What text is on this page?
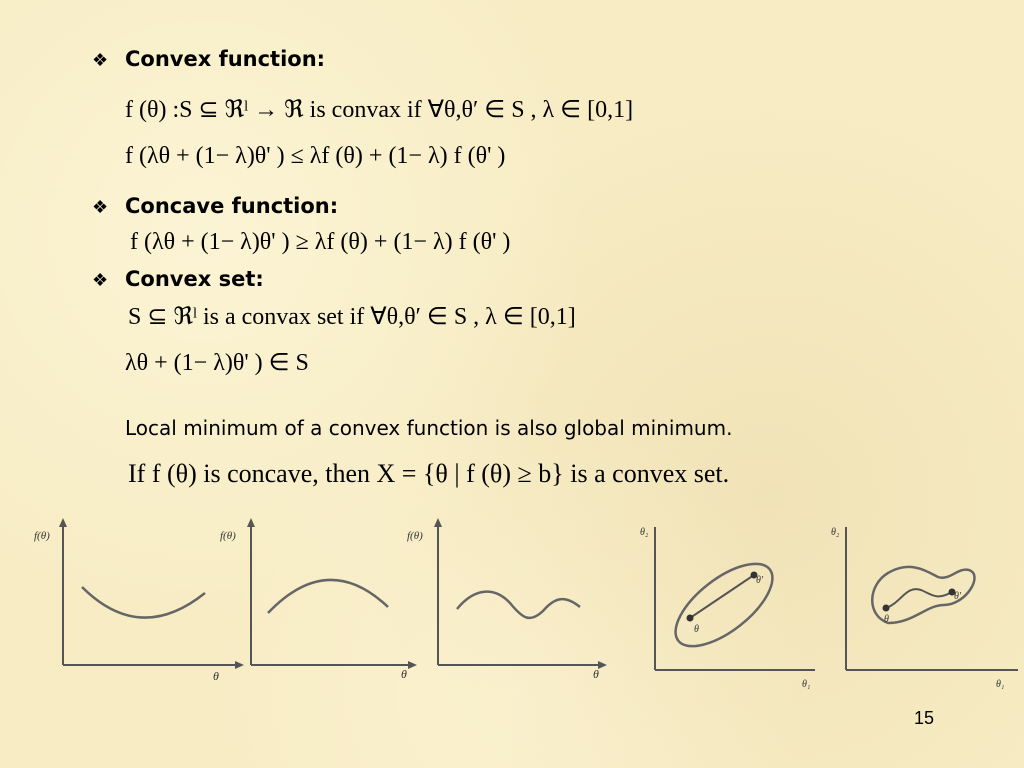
❖ Convex function:
f (θ) :S ⊆ ℜˡ → ℜ is convax if ∀θ,θ′ ∈ S , λ ∈ [0,1]
f (λθ + (1− λ)θ' ) ≤ λf (θ) + (1− λ) f (θ' )
❖ Concave function:
f (λθ + (1− λ)θ' ) ≥ λf (θ) + (1− λ) f (θ' )
❖ Convex set:
S ⊆ ℜˡ is a convax set if ∀θ,θ′ ∈ S , λ ∈ [0,1]
λθ + (1− λ)θ' ) ∈ S
Local minimum of a convex function is also global minimum.
If f (θ) is concave, then X = {θ | f (θ) ≥ b} is a convex set.
f(θ)
θ
f(θ)
θ
f(θ)
θ
θ₂
θ₁
θ
θ'
θ₂
θ₁
θ
θ'
15
